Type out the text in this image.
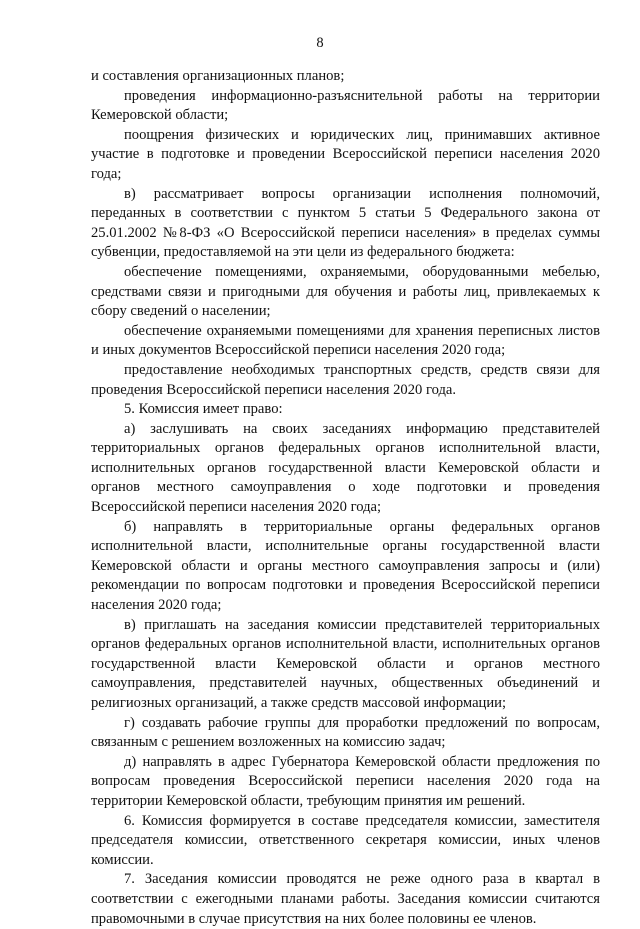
8

и составления организационных планов;

проведения информационно-разъяснительной работы на территории Кемеровской области;

поощрения физических и юридических лиц, принимавших активное участие в подготовке и проведении Всероссийской переписи населения 2020 года;

в) рассматривает вопросы организации исполнения полномочий, переданных в соответствии с пунктом 5 статьи 5 Федерального закона от 25.01.2002 №8-ФЗ «О Всероссийской переписи населения» в пределах суммы субвенции, предоставляемой на эти цели из федерального бюджета:

обеспечение помещениями, охраняемыми, оборудованными мебелью, средствами связи и пригодными для обучения и работы лиц, привлекаемых к сбору сведений о населении;

обеспечение охраняемыми помещениями для хранения переписных листов и иных документов Всероссийской переписи населения 2020 года;

предоставление необходимых транспортных средств, средств связи для проведения Всероссийской переписи населения 2020 года.

5. Комиссия имеет право:

а) заслушивать на своих заседаниях информацию представителей территориальных органов федеральных органов исполнительной власти, исполнительных органов государственной власти Кемеровской области и органов местного самоуправления о ходе подготовки и проведения Всероссийской переписи населения 2020 года;

б) направлять в территориальные органы федеральных органов исполнительной власти, исполнительные органы государственной власти Кемеровской области и органы местного самоуправления запросы и (или) рекомендации по вопросам подготовки и проведения Всероссийской переписи населения 2020 года;

в) приглашать на заседания комиссии представителей территориальных органов федеральных органов исполнительной власти, исполнительных органов государственной власти Кемеровской области и органов местного самоуправления, представителей научных, общественных объединений и религиозных организаций, а также средств массовой информации;

г) создавать рабочие группы для проработки предложений по вопросам, связанным с решением возложенных на комиссию задач;

д) направлять в адрес Губернатора Кемеровской области предложения по вопросам проведения Всероссийской переписи населения 2020 года на территории Кемеровской области, требующим принятия им решений.

6. Комиссия формируется в составе председателя комиссии, заместителя председателя комиссии, ответственного секретаря комиссии, иных членов комиссии.

7. Заседания комиссии проводятся не реже одного раза в квартал в соответствии с ежегодными планами работы. Заседания комиссии считаются правомочными в случае присутствия на них более половины ее членов.
